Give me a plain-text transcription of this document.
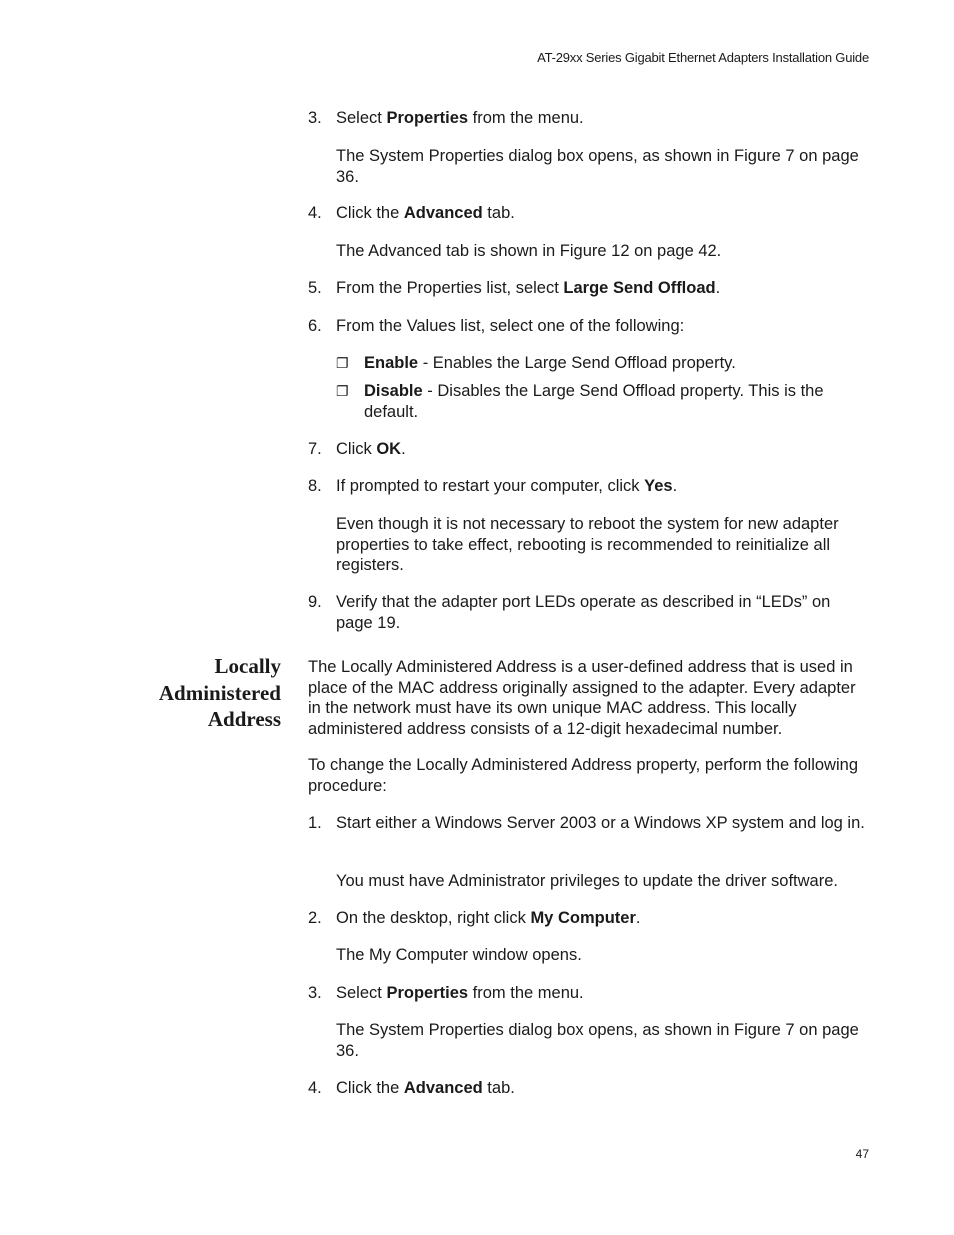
AT-29xx Series Gigabit Ethernet Adapters Installation Guide
3. Select Properties from the menu.

The System Properties dialog box opens, as shown in Figure 7 on page 36.

4. Click the Advanced tab.

The Advanced tab is shown in Figure 12 on page 42.

5. From the Properties list, select Large Send Offload.

6. From the Values list, select one of the following:

❐ Enable - Enables the Large Send Offload property.

❐ Disable - Disables the Large Send Offload property. This is the default.

7. Click OK.

8. If prompted to restart your computer, click Yes.

Even though it is not necessary to reboot the system for new adapter properties to take effect, rebooting is recommended to reinitialize all registers.

9. Verify that the adapter port LEDs operate as described in “LEDs” on page 19.

The Locally Administered Address is a user-defined address that is used in place of the MAC address originally assigned to the adapter. Every adapter in the network must have its own unique MAC address. This locally administered address consists of a 12-digit hexadecimal number.

To change the Locally Administered Address property, perform the following procedure:

1. Start either a Windows Server 2003 or a Windows XP system and log in.

You must have Administrator privileges to update the driver software.

2. On the desktop, right click My Computer.

The My Computer window opens.

3. Select Properties from the menu.

The System Properties dialog box opens, as shown in Figure 7 on page 36.

4. Click the Advanced tab.

Locally
Administered
Address
47
